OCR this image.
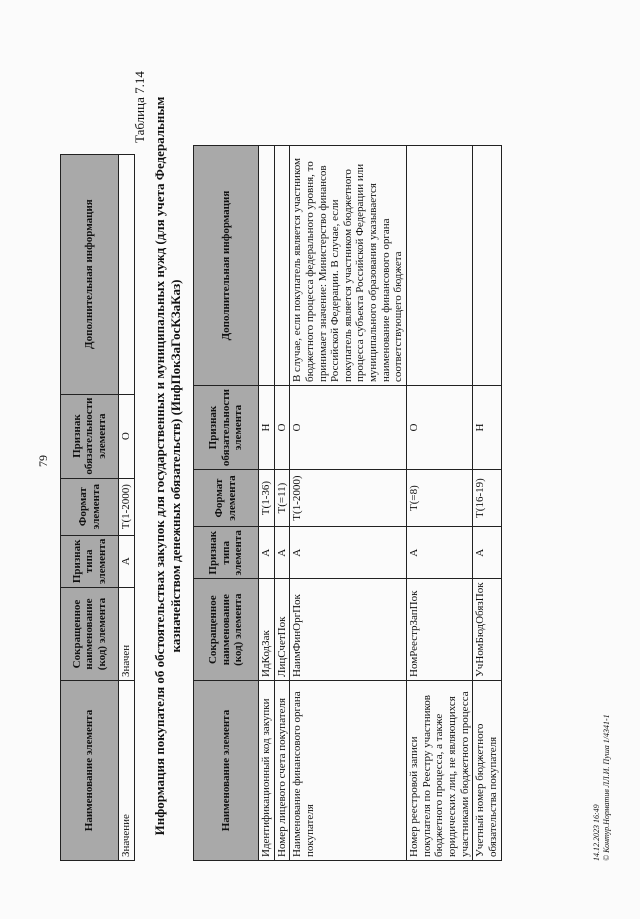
79
Наименование элемента	Сокращенное наименование (код) элемента	Признак типа элемента	Формат элемента	Признак обязательности элемента	Дополнительная информация
Значение	Значен	А	Т(1-2000)	О	
Таблица 7.14 Информация покупателя об обстоятельствах закупок для государственных и муниципальных нужд (для учета Федеральным казначейством денежных обязательств) (ИнфПокЗаГосКЗаКаз)
Наименование элемента	Сокращенное наименование (код) элемента	Признак типа элемента	Формат элемента	Признак обязательности элемента	Дополнительная информация
Идентификационный код закупки	ИдКодЗак	А	Т(1-36)	Н	
Номер лицевого счета покупателя	ЛицСчетПок	А	Т(=11)	О	
Наименование финансового органа покупателя	НаимФинОргПок	А	Т(1-2000)	О	В случае, если покупатель является участником бюджетного процесса федерального уровня, то принимает значение: Министерство финансов Российской Федерации. В случае, если покупатель является участником бюджетного процесса субъекта Российской Федерации или муниципального образования указывается наименование финансового органа соответствующего бюджета
Номер реестровой записи покупателя по Реестру участников бюджетного процесса, а также юридических лиц, не являющихся участниками бюджетного процесса	НомРеестрЗапПок	А	Т(=8)	О	
Учетный номер бюджетного обязательства покупателя	УчНомБюдОбязПок	А	Т(16-19)	Н	
14.12.2023 16:49 © Контур.Норматив ЛЛ.И. Пуша 1/4341-1
